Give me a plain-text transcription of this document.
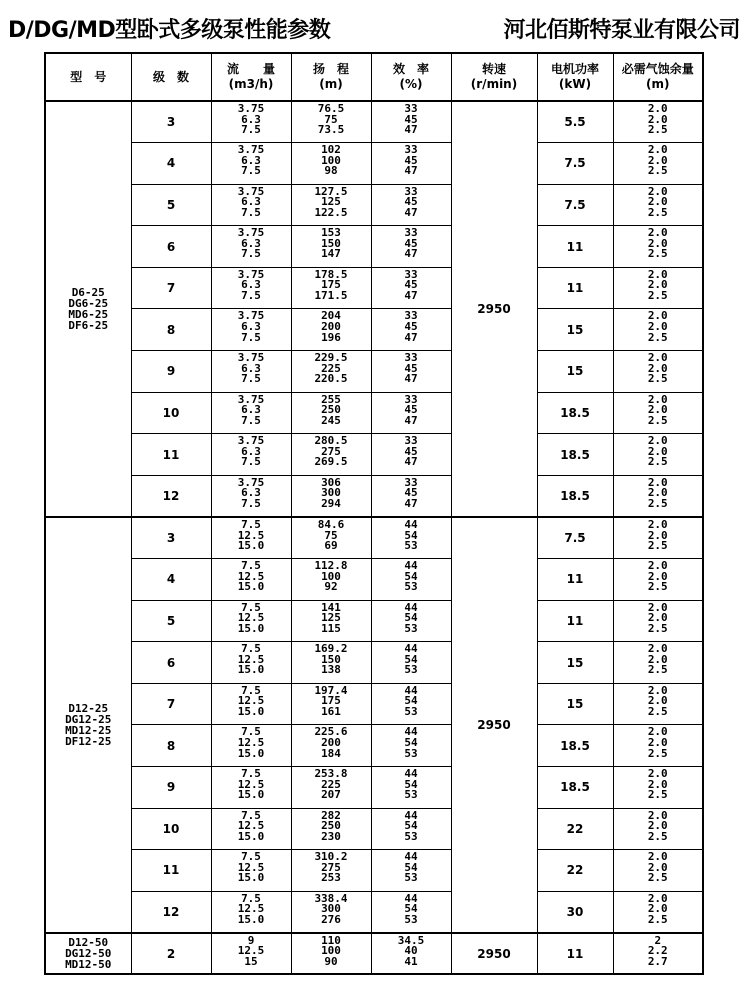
D/DG/MD型卧式多级泵性能参数	河北佰斯特泵业有限公司
型　号	级　数	流　　量
(m3/h)	扬　程
(m)	效　率
(%)	转速
(r/min)	电机功率
(kW)	必需气蚀余量
(m)

D6-25
DG6-25
MD6-25
DF6-25	3	3.75
6.3
7.5	76.5
75
73.5	33
45
47	2950	5.5	2.0
2.0
2.5

	4	3.75
6.3
7.5	102
100
98	33
45
47		7.5	2.0
2.0
2.5

	5	3.75
6.3
7.5	127.5
125
122.5	33
45
47		7.5	2.0
2.0
2.5

	6	3.75
6.3
7.5	153
150
147	33
45
47		11	2.0
2.0
2.5

	7	3.75
6.3
7.5	178.5
175
171.5	33
45
47		11	2.0
2.0
2.5

	8	3.75
6.3
7.5	204
200
196	33
45
47		15	2.0
2.0
2.5

	9	3.75
6.3
7.5	229.5
225
220.5	33
45
47		15	2.0
2.0
2.5

	10	3.75
6.3
7.5	255
250
245	33
45
47		18.5	2.0
2.0
2.5

	11	3.75
6.3
7.5	280.5
275
269.5	33
45
47		18.5	2.0
2.0
2.5

	12	3.75
6.3
7.5	306
300
294	33
45
47		18.5	2.0
2.0
2.5

D12-25
DG12-25
MD12-25
DF12-25	3	7.5
12.5
15.0	84.6
75
69	44
54
53	2950	7.5	2.0
2.0
2.5

	4	7.5
12.5
15.0	112.8
100
92	44
54
53		11	2.0
2.0
2.5

	5	7.5
12.5
15.0	141
125
115	44
54
53		11	2.0
2.0
2.5

	6	7.5
12.5
15.0	169.2
150
138	44
54
53		15	2.0
2.0
2.5

	7	7.5
12.5
15.0	197.4
175
161	44
54
53		15	2.0
2.0
2.5

	8	7.5
12.5
15.0	225.6
200
184	44
54
53		18.5	2.0
2.0
2.5

	9	7.5
12.5
15.0	253.8
225
207	44
54
53		18.5	2.0
2.0
2.5

	10	7.5
12.5
15.0	282
250
230	44
54
53		22	2.0
2.0
2.5

	11	7.5
12.5
15.0	310.2
275
253	44
54
53		22	2.0
2.0
2.5

	12	7.5
12.5
15.0	338.4
300
276	44
54
53		30	2.0
2.0
2.5

D12-50
DG12-50
MD12-50	2	9
12.5
15	110
100
90	34.5
40
41	2950	11	2
2.2
2.7
